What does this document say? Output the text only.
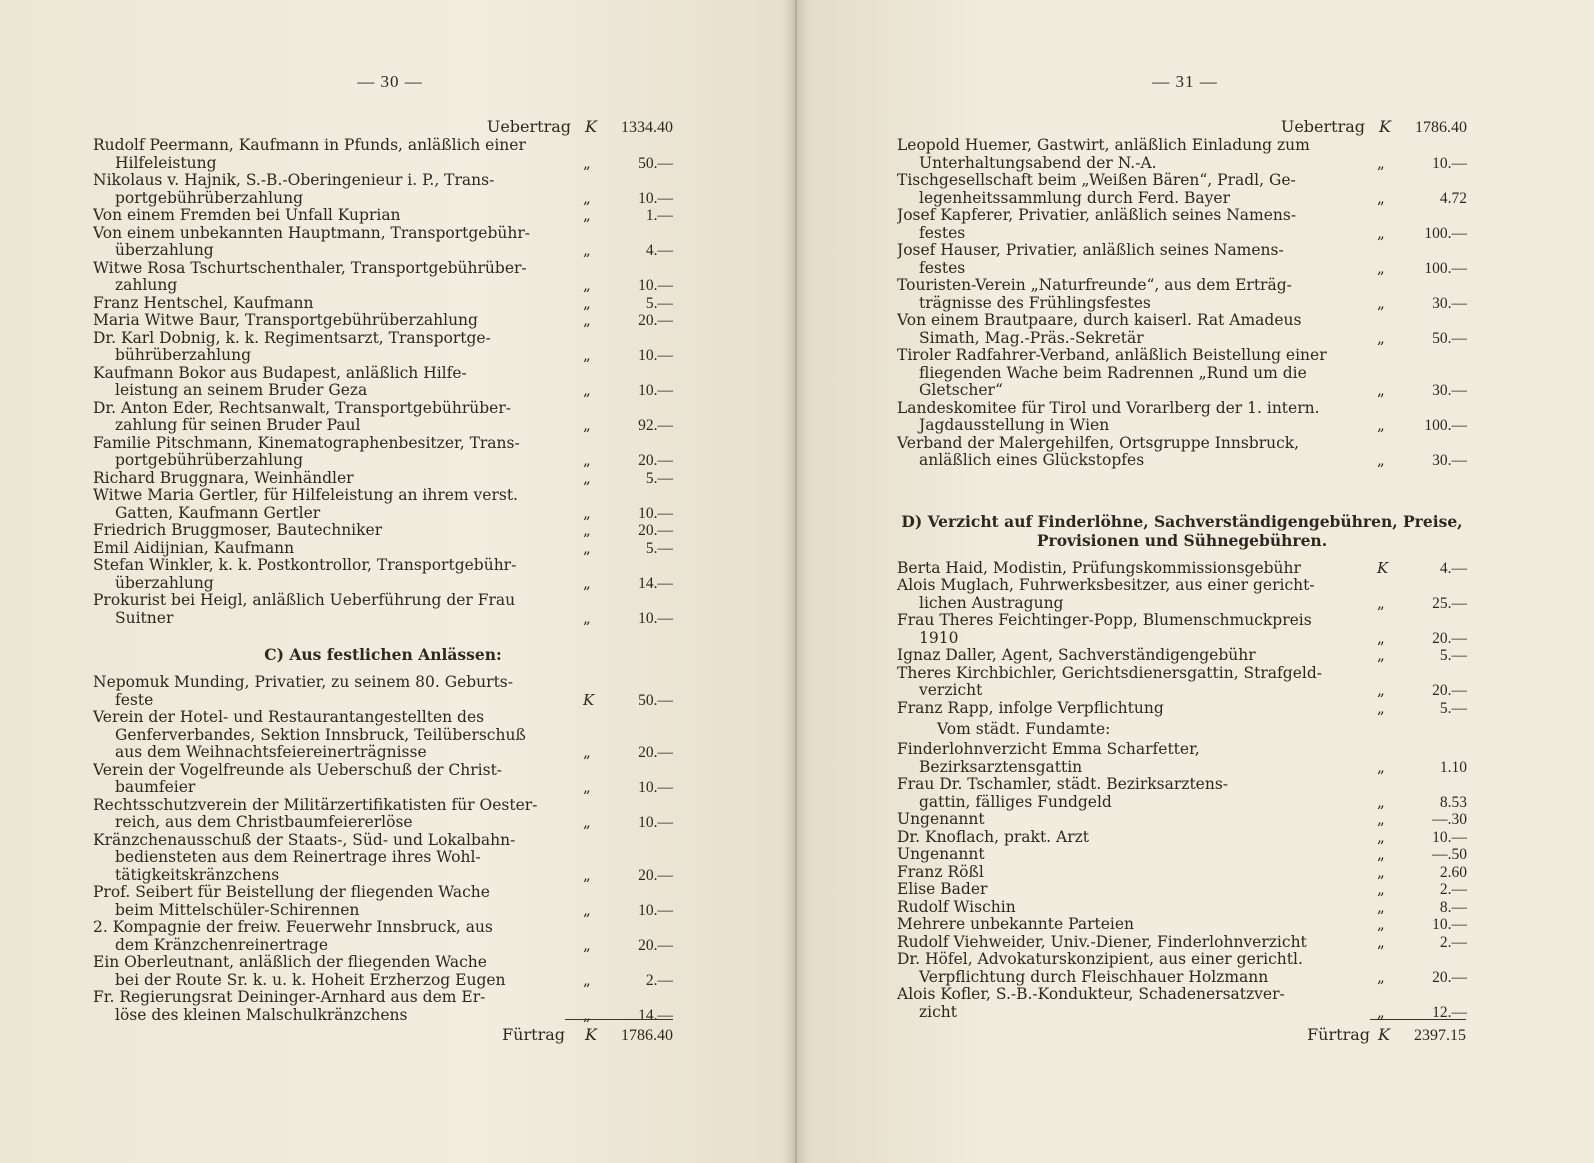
— 30 —
Uebertrag K	1334.40
Rudolf Peermann, Kaufmann in Pfunds, anläßlich einer
Hilfeleistung	„	50.—
Nikolaus v. Hajnik, S.-B.-Oberingenieur i. P., Trans-
portgebührüberzahlung	„	10.—
Von einem Fremden bei Unfall Kuprian	„	1.—
Von einem unbekannten Hauptmann, Transportgebühr-
überzahlung	„	4.—
Witwe Rosa Tschurtschenthaler, Transportgebührüber-
zahlung	„	10.—
Franz Hentschel, Kaufmann	„	5.—
Maria Witwe Baur, Transportgebührüberzahlung	„	20.—
Dr. Karl Dobnig, k. k. Regimentsarzt, Transportge-
bührüberzahlung	„	10.—
Kaufmann Bokor aus Budapest, anläßlich Hilfe-
leistung an seinem Bruder Geza	„	10.—
Dr. Anton Eder, Rechtsanwalt, Transportgebührüber-
zahlung für seinen Bruder Paul	„	92.—
Familie Pitschmann, Kinematographenbesitzer, Trans-
portgebührüberzahlung	„	20.—
Richard Bruggnara, Weinhändler	„	5.—
Witwe Maria Gertler, für Hilfeleistung an ihrem verst.
Gatten, Kaufmann Gertler	„	10.—
Friedrich Bruggmoser, Bautechniker	„	20.—
Emil Aidijnian, Kaufmann	„	5.—
Stefan Winkler, k. k. Postkontrollor, Transportgebühr-
überzahlung	„	14.—
Prokurist bei Heigl, anläßlich Ueberführung der Frau
Suitner	„	10.—
C) Aus festlichen Anlässen:
Nepomuk Munding, Privatier, zu seinem 80. Geburts-
feste	K	50.—
Verein der Hotel- und Restaurantangestellten des
Genferverbandes, Sektion Innsbruck, Teilüberschuß
aus dem Weihnachtsfeiereinerträgnisse	„	20.—
Verein der Vogelfreunde als Ueberschuß der Christ-
baumfeier	„	10.—
Rechtsschutzverein der Militärzertifikatisten für Oester-
reich, aus dem Christbaumfeiererlöse	„	10.—
Kränzchenausschuß der Staats-, Süd- und Lokalbahn-
bediensteten aus dem Reinertrage ihres Wohl-
tätigkeitskränzchens	„	20.—
Prof. Seibert für Beistellung der fliegenden Wache
beim Mittelschüler-Schirennen	„	10.—
2. Kompagnie der freiw. Feuerwehr Innsbruck, aus
dem Kränzchenreinertrage	„	20.—
Ein Oberleutnant, anläßlich der fliegenden Wache
bei der Route Sr. k. u. k. Hoheit Erzherzog Eugen	„	2.—
Fr. Regierungsrat Deininger-Arnhard aus dem Er-
löse des kleinen Malschulkränzchens	„	14.—
Fürtrag K	1786.40
— 31 —
Uebertrag K	1786.40
Leopold Huemer, Gastwirt, anläßlich Einladung zum
Unterhaltungsabend der N.-A.	„	10.—
Tischgesellschaft beim „Weißen Bären“, Pradl, Ge-
legenheitssammlung durch Ferd. Bayer	„	4.72
Josef Kapferer, Privatier, anläßlich seines Namens-
festes	„	100.—
Josef Hauser, Privatier, anläßlich seines Namens-
festes	„	100.—
Touristen-Verein „Naturfreunde“, aus dem Erträg-
trägnisse des Frühlingsfestes	„	30.—
Von einem Brautpaare, durch kaiserl. Rat Amadeus
Simath, Mag.-Präs.-Sekretär	„	50.—
Tiroler Radfahrer-Verband, anläßlich Beistellung einer
fliegenden Wache beim Radrennen „Rund um die
Gletscher“	„	30.—
Landeskomitee für Tirol und Vorarlberg der 1. intern.
Jagdausstellung in Wien	„	100.—
Verband der Malergehilfen, Ortsgruppe Innsbruck,
anläßlich eines Glückstopfes	„	30.—
D) Verzicht auf Finderlöhne, Sachverständigengebühren, Preise,
Provisionen und Sühnegebühren.
Berta Haid, Modistin, Prüfungskommissionsgebühr	K	4.—
Alois Muglach, Fuhrwerksbesitzer, aus einer gericht-
lichen Austragung	„	25.—
Frau Theres Feichtinger-Popp, Blumenschmuckpreis
1910	„	20.—
Ignaz Daller, Agent, Sachverständigengebühr	„	5.—
Theres Kirchbichler, Gerichtsdienersgattin, Strafgeld-
verzicht	„	20.—
Franz Rapp, infolge Verpflichtung	„	5.—
Vom städt. Fundamte:
Finderlohnverzicht Emma Scharfetter,
Bezirksarztensgattin	„	1.10
Frau Dr. Tschamler, städt. Bezirksarztens-
gattin, fälliges Fundgeld	„	8.53
Ungenannt	„	—.30
Dr. Knoflach, prakt. Arzt	„	10.—
Ungenannt	„	—.50
Franz Rößl	„	2.60
Elise Bader	„	2.—
Rudolf Wischin	„	8.—
Mehrere unbekannte Parteien	„	10.—
Rudolf Viehweider, Univ.-Diener, Finderlohnverzicht	„	2.—
Dr. Höfel, Advokaturskonzipient, aus einer gerichtl.
Verpflichtung durch Fleischhauer Holzmann	„	20.—
Alois Kofler, S.-B.-Kondukteur, Schadenersatzver-
zicht	„	12.—
Fürtrag K	2397.15
